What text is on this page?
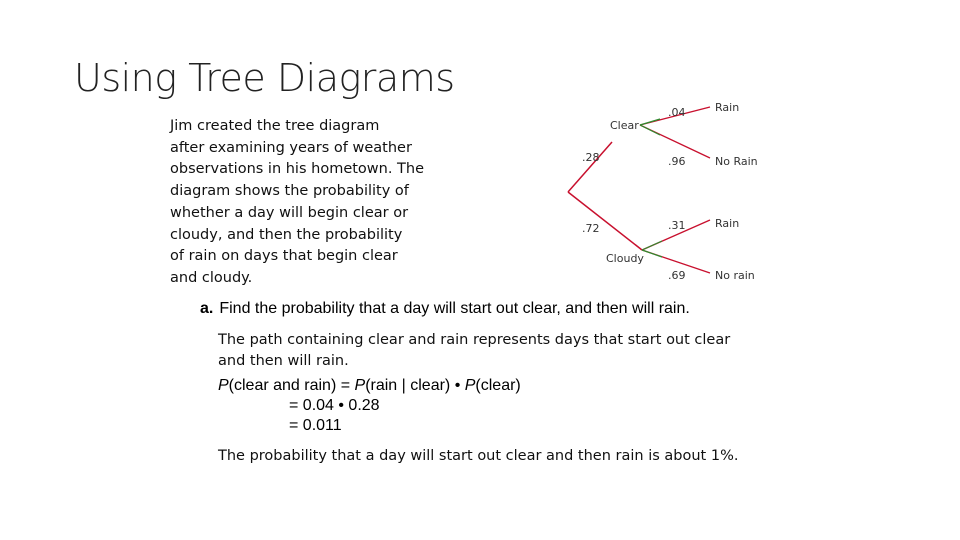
Using Tree Diagrams
Jim created the tree diagram
after examining years of weather
observations in his hometown. The
diagram shows the probability of
whether a day will begin clear or
cloudy, and then the probability
of rain on days that begin clear
and cloudy.
Clear
Cloudy
.28
.72
Rain
No Rain
Rain
No rain
.04
.96
.31
.69
a. Find the probability that a day will start out clear, and then will rain.
The path containing clear and rain represents days that start out clear
and then will rain.
P(clear and rain) = P(rain | clear) • P(clear)
= 0.04 • 0.28
= 0.011
The probability that a day will start out clear and then rain is about 1%.
